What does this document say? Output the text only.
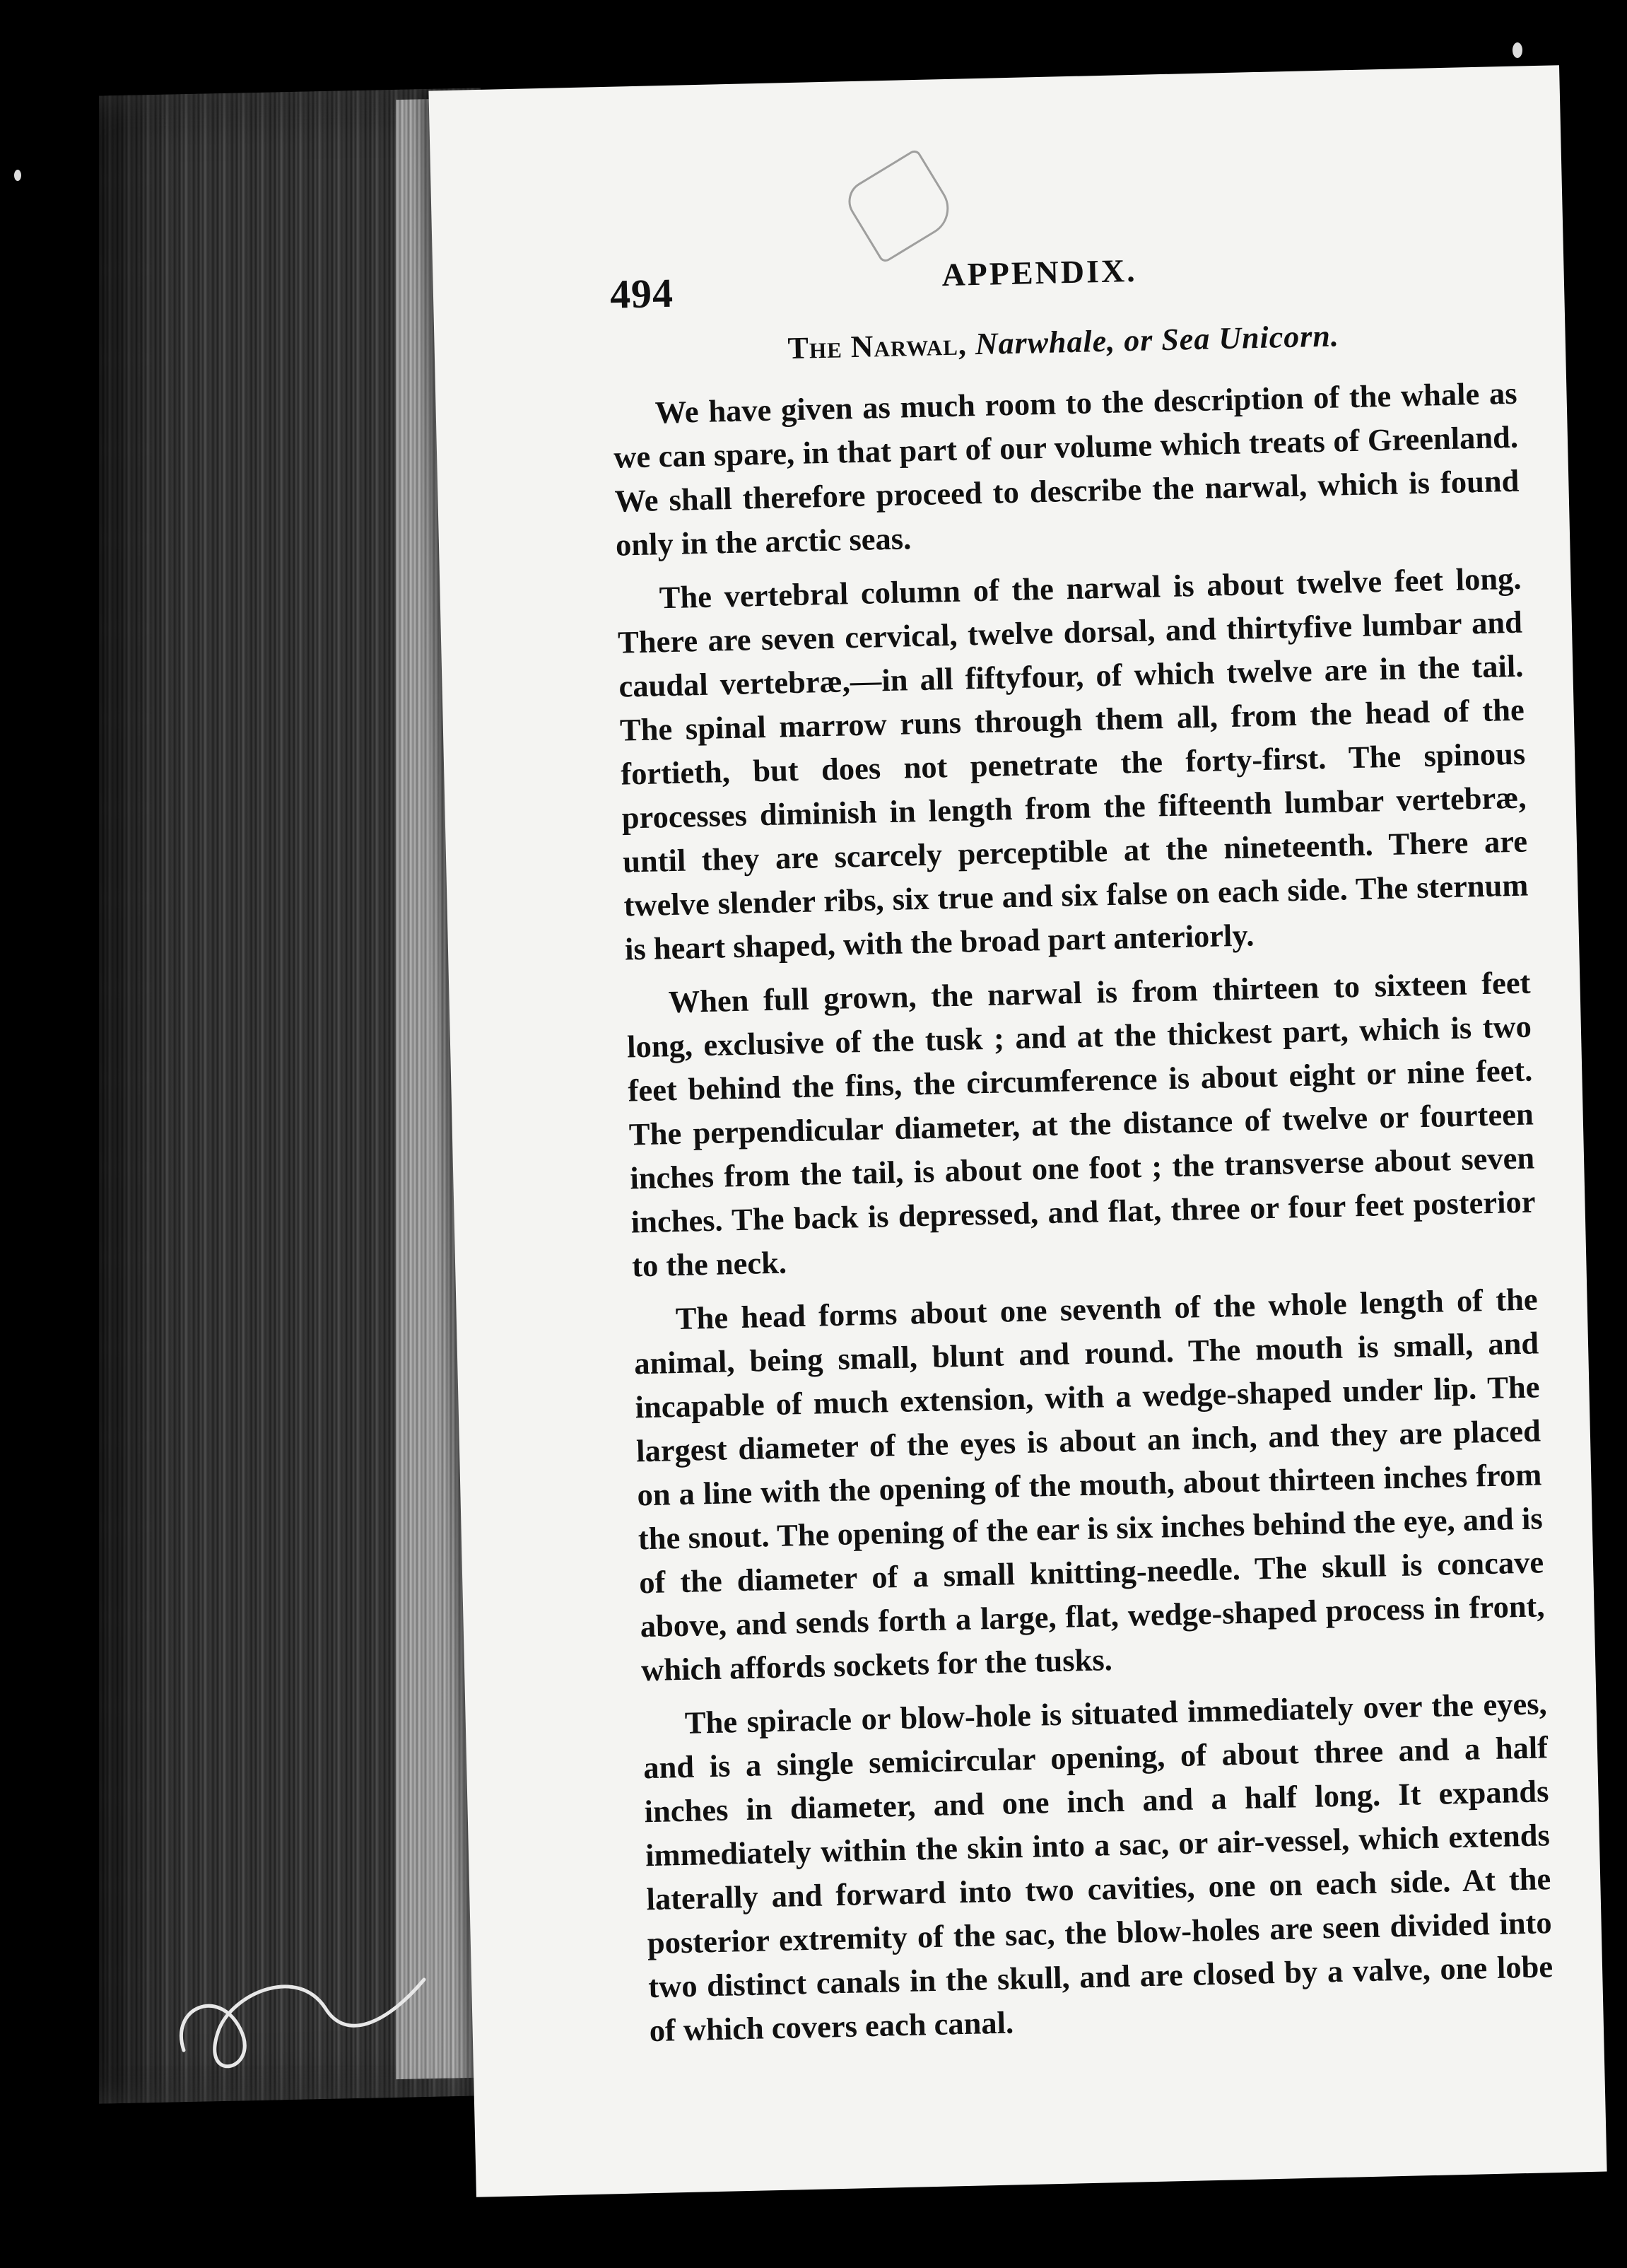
494	APPENDIX.
The Narwal, Narwhale, or Sea Unicorn.

We have given as much room to the description of the whale as we can spare, in that part of our volume which treats of Greenland. We shall therefore proceed to describe the narwal, which is found only in the arctic seas.

The vertebral column of the narwal is about twelve feet long. There are seven cervical, twelve dorsal, and thirtyfive lumbar and caudal vertebræ,—in all fiftyfour, of which twelve are in the tail. The spinal marrow runs through them all, from the head of the fortieth, but does not penetrate the forty-first. The spinous processes diminish in length from the fifteenth lumbar vertebræ, until they are scarcely perceptible at the nineteenth. There are twelve slender ribs, six true and six false on each side. The sternum is heart shaped, with the broad part anteriorly.

When full grown, the narwal is from thirteen to sixteen feet long, exclusive of the tusk ; and at the thickest part, which is two feet behind the fins, the circumference is about eight or nine feet. The perpendicular diameter, at the distance of twelve or fourteen inches from the tail, is about one foot ; the transverse about seven inches. The back is depressed, and flat, three or four feet posterior to the neck.

The head forms about one seventh of the whole length of the animal, being small, blunt and round. The mouth is small, and incapable of much extension, with a wedge-shaped under lip. The largest diameter of the eyes is about an inch, and they are placed on a line with the opening of the mouth, about thirteen inches from the snout. The opening of the ear is six inches behind the eye, and is of the diameter of a small knitting-needle. The skull is concave above, and sends forth a large, flat, wedge-shaped process in front, which affords sockets for the tusks.

The spiracle or blow-hole is situated immediately over the eyes, and is a single semicircular opening, of about three and a half inches in diameter, and one inch and a half long. It expands immediately within the skin into a sac, or air-vessel, which extends laterally and forward into two cavities, one on each side. At the posterior extremity of the sac, the blow-holes are seen divided into two distinct canals in the skull, and are closed by a valve, one lobe of which covers each canal.
